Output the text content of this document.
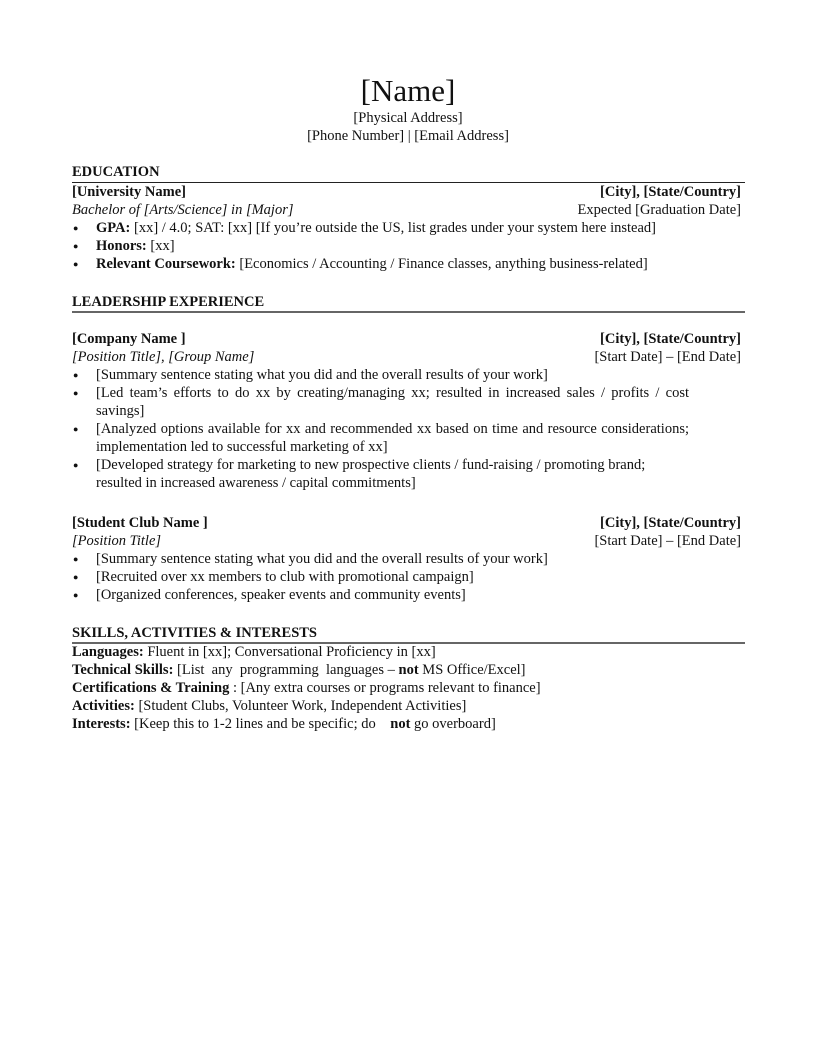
[Name]
[Physical Address]
[Phone Number] | [Email Address]
EDUCATION
[University Name]	[City], [State/Country]
Bachelor of [Arts/Science] in [Major]	Expected [Graduation Date]
● GPA: [xx] / 4.0; SAT: [xx] [If you’re outside the US, list grades under your system here instead]
● Honors: [xx]
● Relevant Coursework: [Economics / Accounting / Finance classes, anything business-related]
LEADERSHIP EXPERIENCE
[Company Name ]	[City], [State/Country]
[Position Title], [Group Name]	[Start Date] – [End Date]
● [Summary sentence stating what you did and the overall results of your work]
● [Led team’s efforts to do xx by creating/managing xx; resulted in increased sales / profits / cost savings]
● [Analyzed options available for xx and recommended xx based on time and resource considerations; implementation led to successful marketing of xx]
● [Developed strategy for marketing to new prospective clients / fund-raising / promoting brand; resulted in increased awareness / capital commitments]
[Student Club Name ]	[City], [State/Country]
[Position Title]	[Start Date] – [End Date]
● [Summary sentence stating what you did and the overall results of your work]
● [Recruited over xx members to club with promotional campaign]
● [Organized conferences, speaker events and community events]
SKILLS, ACTIVITIES & INTERESTS
Languages: Fluent in [xx]; Conversational Proficiency in [xx]
Technical Skills: [List  any  programming  languages – not MS Office/Excel]
Certifications & Training : [Any extra courses or programs relevant to finance]
Activities: [Student Clubs, Volunteer Work, Independent Activities]
Interests: [Keep this to 1-2 lines and be specific; do    not go overboard]
